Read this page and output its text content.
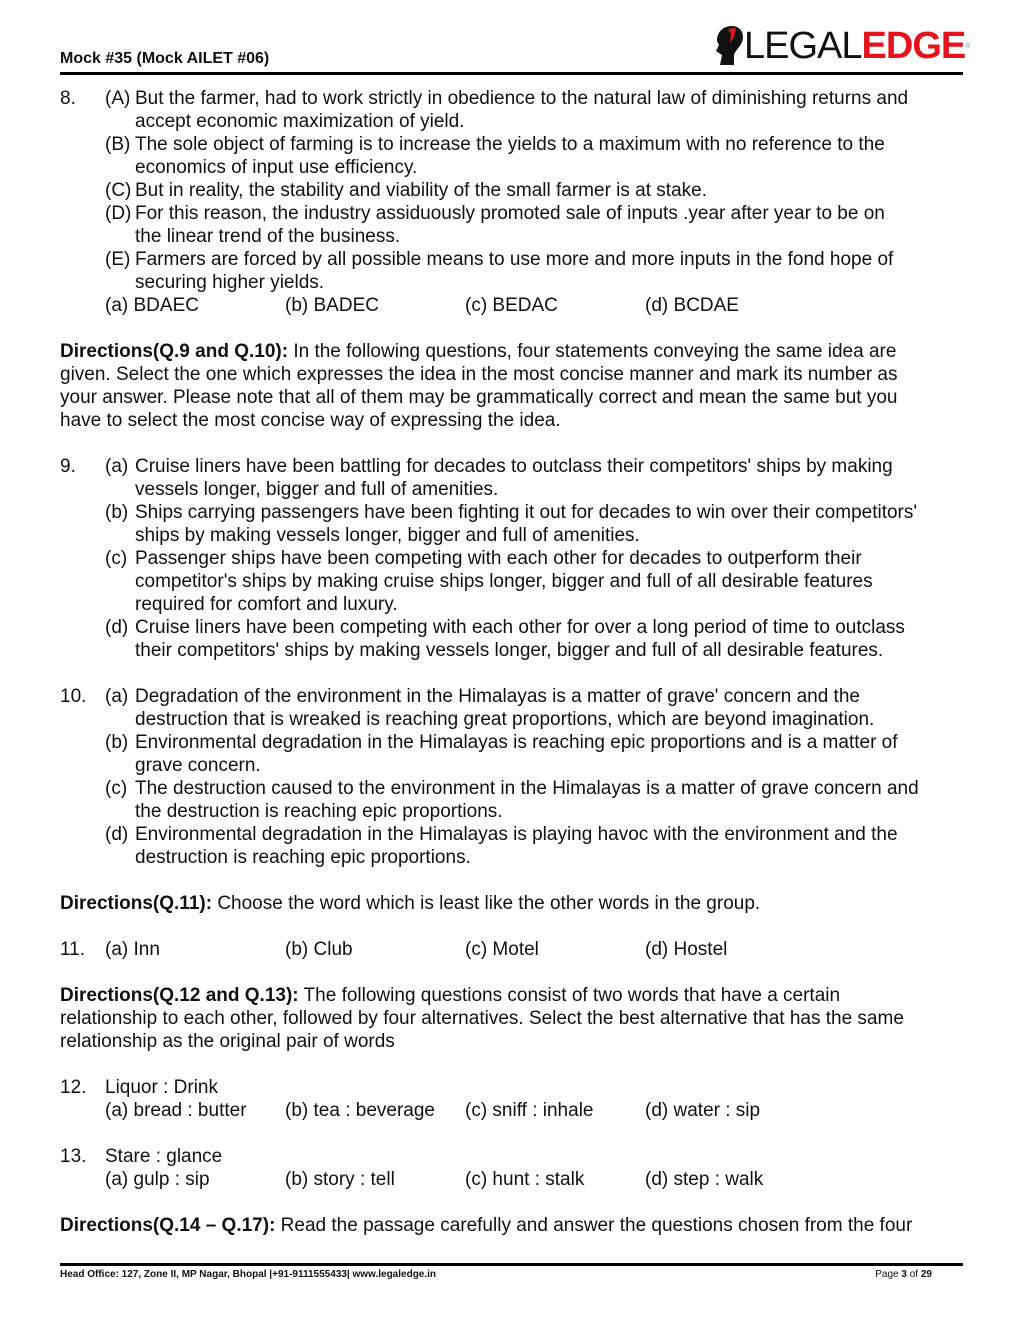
Mock #35 (Mock AILET #06)	LEGAL EDGE ®
8. (A) But the farmer, had to work strictly in obedience to the natural law of diminishing returns and
accept economic maximization of yield.
(B) The sole object of farming is to increase the yields to a maximum with no reference to the
economics of input use efficiency.
(C) But in reality, the stability and viability of the small farmer is at stake.
(D) For this reason, the industry assiduously promoted sale of inputs .year after year to be on
the linear trend of the business.
(E) Farmers are forced by all possible means to use more and more inputs in the fond hope of
securing higher yields.
(a) BDAEC	(b) BADEC	(c) BEDAC	(d) BCDAE
Directions(Q.9 and Q.10): In the following questions, four statements conveying the same idea are
given. Select the one which expresses the idea in the most concise manner and mark its number as
your answer. Please note that all of them may be grammatically correct and mean the same but you
have to select the most concise way of expressing the idea.
9. (a) Cruise liners have been battling for decades to outclass their competitors' ships by making
vessels longer, bigger and full of amenities.
(b) Ships carrying passengers have been fighting it out for decades to win over their competitors'
ships by making vessels longer, bigger and full of amenities.
(c) Passenger ships have been competing with each other for decades to outperform their
competitor's ships by making cruise ships longer, bigger and full of all desirable features
required for comfort and luxury.
(d) Cruise liners have been competing with each other for over a long period of time to outclass
their competitors' ships by making vessels longer, bigger and full of all desirable features.
10. (a) Degradation of the environment in the Himalayas is a matter of grave' concern and the
destruction that is wreaked is reaching great proportions, which are beyond imagination.
(b) Environmental degradation in the Himalayas is reaching epic proportions and is a matter of
grave concern.
(c) The destruction caused to the environment in the Himalayas is a matter of grave concern and
the destruction is reaching epic proportions.
(d) Environmental degradation in the Himalayas is playing havoc with the environment and the
destruction is reaching epic proportions.
Directions(Q.11): Choose the word which is least like the other words in the group.
11. (a) Inn	(b) Club	(c) Motel	(d) Hostel
Directions(Q.12 and Q.13): The following questions consist of two words that have a certain
relationship to each other, followed by four alternatives. Select the best alternative that has the same
relationship as the original pair of words
12. Liquor : Drink
(a) bread : butter	(b) tea : beverage	(c) sniff : inhale	(d) water : sip
13. Stare : glance
(a) gulp : sip	(b) story : tell	(c) hunt : stalk	(d) step : walk
Directions(Q.14 – Q.17): Read the passage carefully and answer the questions chosen from the four
Head Office: 127, Zone II, MP Nagar, Bhopal |+91-9111555433| www.legaledge.in	Page 3 of 29
